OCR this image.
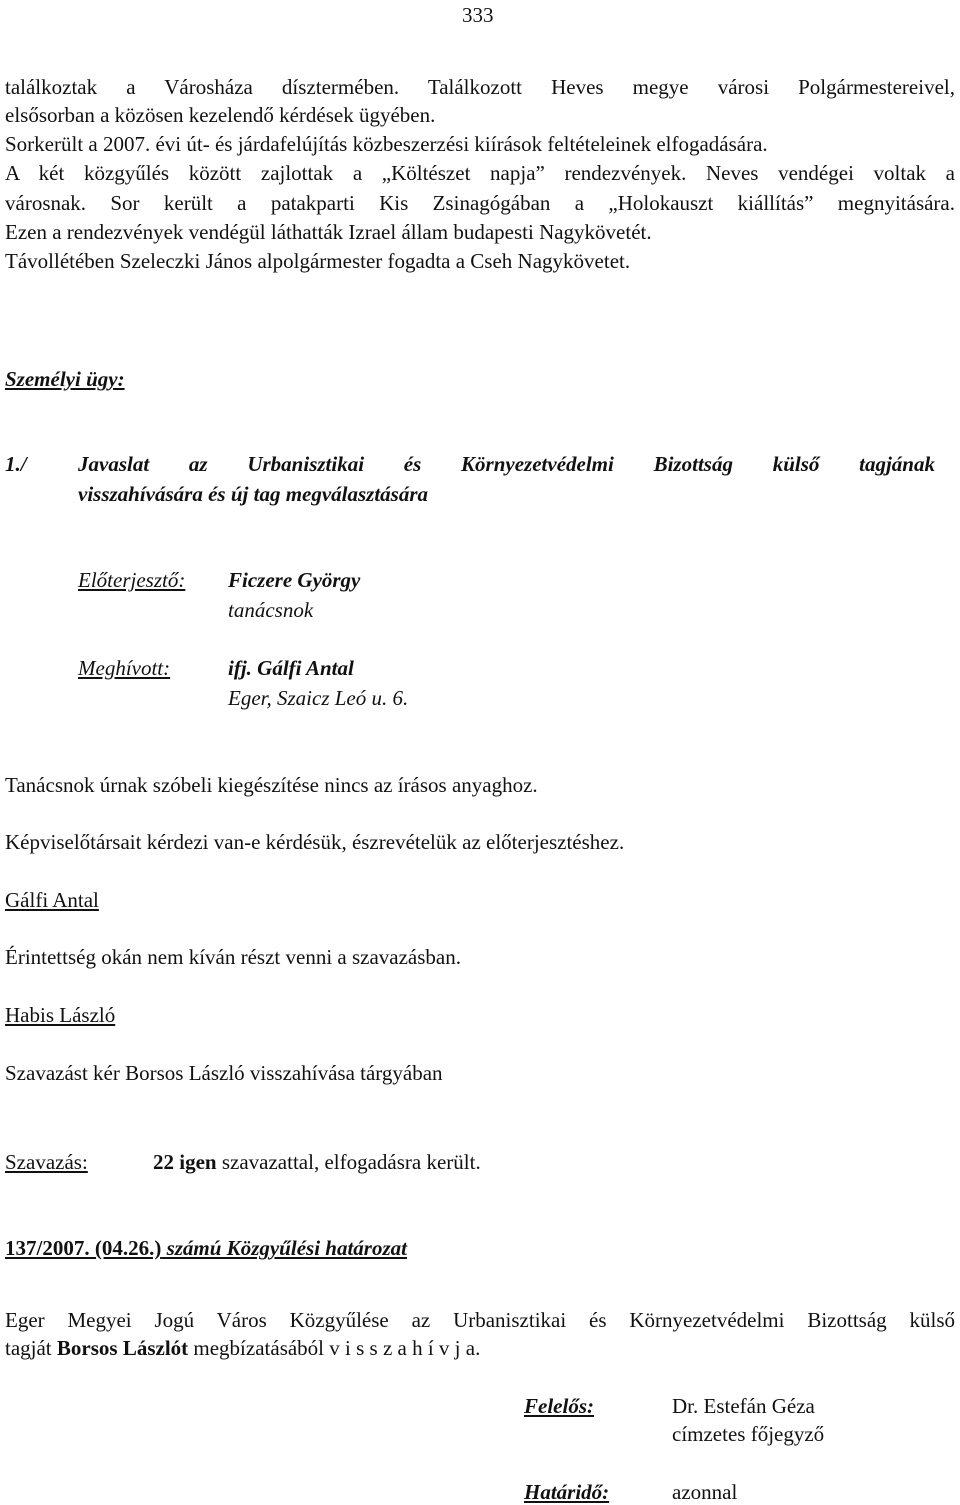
333
találkoztak a Városháza dísztermében. Találkozott Heves megye városi Polgármestereivel,
elsősorban a közösen kezelendő kérdések ügyében.
Sorkerült a 2007. évi út- és járdafelújítás közbeszerzési kiírások feltételeinek elfogadására.
A két közgyűlés között zajlottak a „Költészet napja” rendezvények. Neves vendégei voltak a
városnak. Sor került a patakparti Kis Zsinagógában a „Holokauszt kiállítás” megnyitására.
Ezen a rendezvények vendégül láthatták Izrael állam budapesti Nagykövetét.
Távollétében Szeleczki János alpolgármester fogadta a Cseh Nagykövetet.
Személyi ügy:
1./ Javaslat az Urbanisztikai és Környezetvédelmi Bizottság külső tagjának
visszahívására és új tag megválasztására
Előterjesztő: Ficzere György
tanácsnok
Meghívott:	ifj. Gálfi Antal
Eger, Szaicz Leó u. 6.
Tanácsnok úrnak szóbeli kiegészítése nincs az írásos anyaghoz.
Képviselőtársait kérdezi van-e kérdésük, észrevételük az előterjesztéshez.
Gálfi Antal
Érintettség okán nem kíván részt venni a szavazásban.
Habis László
Szavazást kér Borsos László visszahívása tárgyában
Szavazás:	22 igen szavazattal, elfogadásra került.
137/2007. (04.26.) számú Közgyűlési határozat
Eger Megyei Jogú Város Közgyűlése az Urbanisztikai és Környezetvédelmi Bizottság külső
tagját Borsos Lászlót megbízatásából v i s s z a h í v j a.
Felelős:	Dr. Estefán Géza
címzetes főjegyző
Határidő:	azonnal
